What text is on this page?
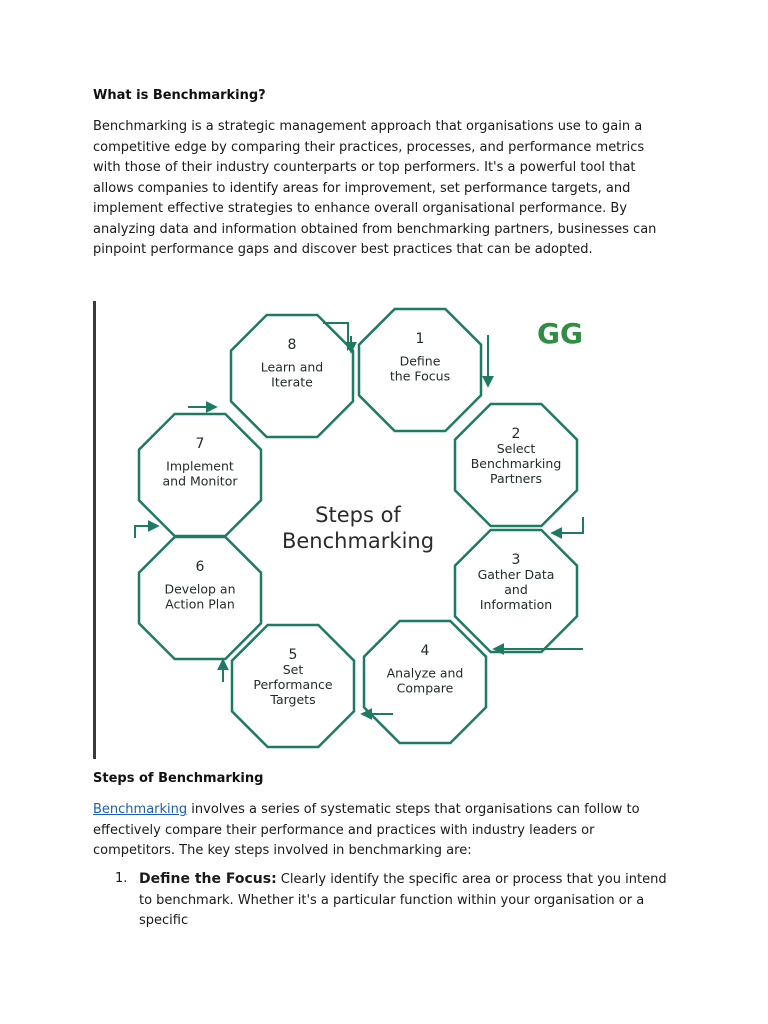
What is Benchmarking?
Benchmarking is a strategic management approach that organisations use to gain a competitive edge by comparing their practices, processes, and performance metrics with those of their industry counterparts or top performers. It's a powerful tool that allows companies to identify areas for improvement, set performance targets, and implement effective strategies to enhance overall organisational performance. By analyzing data and information obtained from benchmarking partners, businesses can pinpoint performance gaps and discover best practices that can be adopted.
1
Define
the Focus
2
Select
Benchmarking
Partners
3
Gather Data
and
Information
4
Analyze and
Compare
5
Set
Performance
Targets
6
Develop an
Action Plan
7
Implement
and Monitor
8
Learn and
Iterate
Steps of
Benchmarking
GG
Steps of Benchmarking
Benchmarking involves a series of systematic steps that organisations can follow to effectively compare their performance and practices with industry leaders or competitors. The key steps involved in benchmarking are:
1. Define the Focus: Clearly identify the specific area or process that you intend to benchmark. Whether it's a particular function within your organisation or a specific
